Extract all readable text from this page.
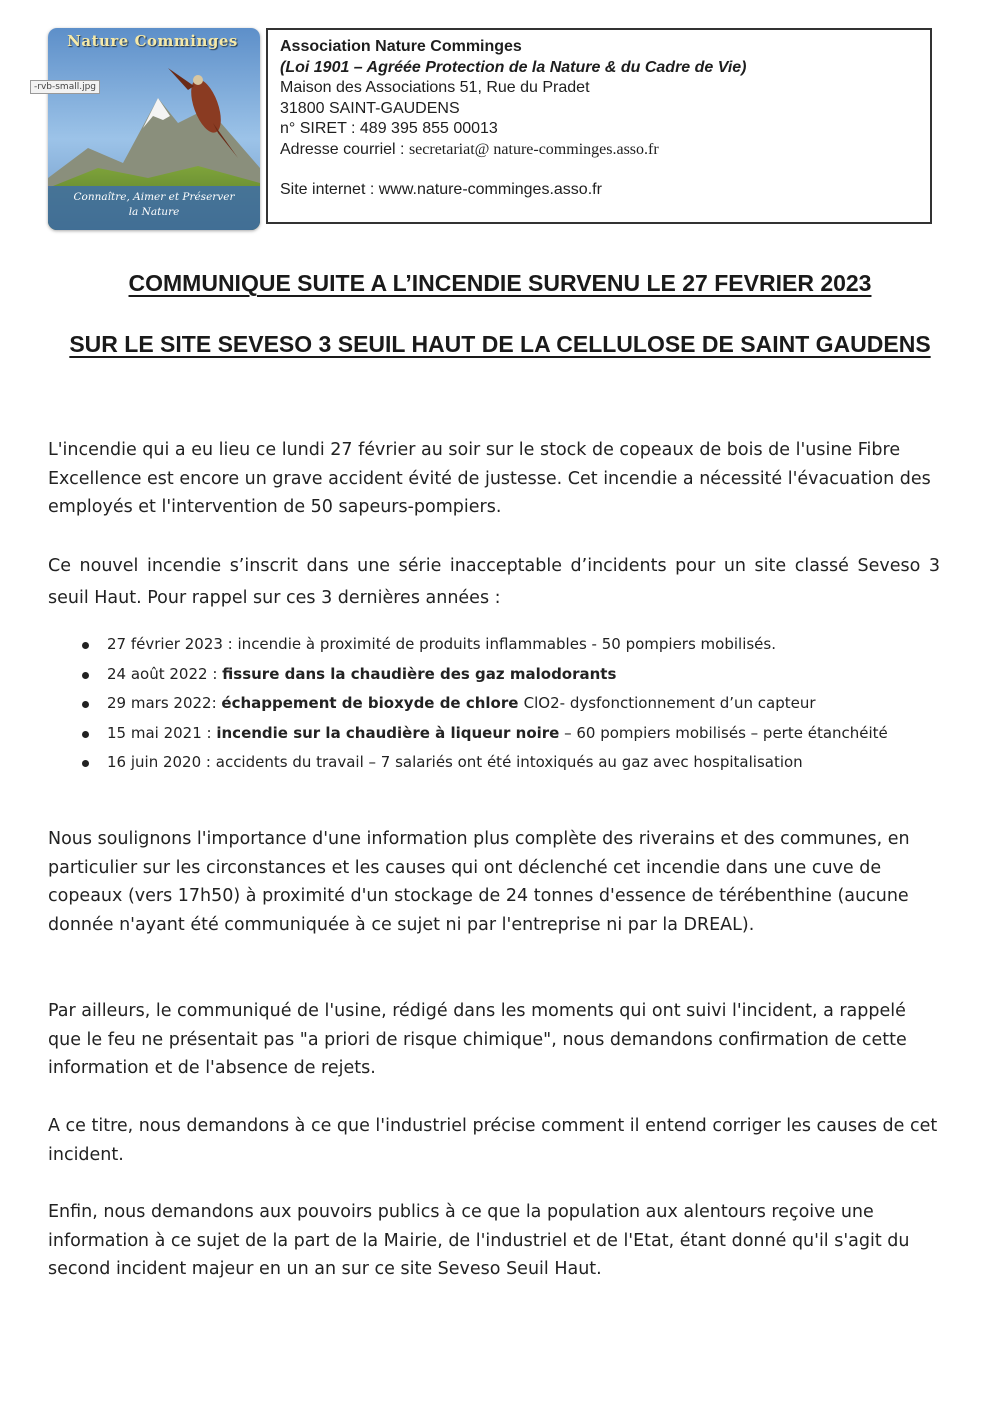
Nature Comminges
Connaître, Aimer et Préserver
la Nature
-rvb-small.jpg
Association Nature Comminges
(Loi 1901 – Agréée Protection de la Nature & du Cadre de Vie)
Maison des Associations 51, Rue du Pradet
31800 SAINT-GAUDENS
n° SIRET : 489 395 855 00013
Adresse courriel : secretariat@ nature-comminges.asso.fr
Site internet : www.nature-comminges.asso.fr
COMMUNIQUE SUITE A L’INCENDIE SURVENU LE 27 FEVRIER 2023
SUR LE SITE SEVESO 3 SEUIL HAUT DE LA CELLULOSE DE SAINT GAUDENS
L'incendie qui a eu lieu ce lundi 27 février au soir sur le stock de copeaux de bois de l'usine Fibre Excellence est encore un grave accident évité de justesse. Cet incendie a nécessité l'évacuation des employés et l'intervention de 50 sapeurs-pompiers.
Ce nouvel incendie s’inscrit dans une série inacceptable d’incidents pour un site classé Seveso 3 seuil Haut. Pour rappel sur ces 3 dernières années :
27 février 2023 : incendie à proximité de produits inflammables - 50 pompiers mobilisés.
24 août 2022 : fissure dans la chaudière des gaz malodorants
29 mars 2022: échappement de bioxyde de chlore ClO2- dysfonctionnement d’un capteur
15 mai 2021 : incendie sur la chaudière à liqueur noire – 60 pompiers mobilisés – perte étanchéité
16 juin 2020 : accidents du travail – 7 salariés ont été intoxiqués au gaz avec hospitalisation
Nous soulignons l'importance d'une information plus complète des riverains et des communes, en particulier sur les circonstances et les causes qui ont déclenché cet incendie dans une cuve de copeaux (vers 17h50) à proximité d'un stockage de 24 tonnes d'essence de térébenthine (aucune donnée n'ayant été communiquée à ce sujet ni par l'entreprise ni par la DREAL).
Par ailleurs, le communiqué de l'usine, rédigé dans les moments qui ont suivi l'incident, a rappelé que le feu ne présentait pas "a priori de risque chimique", nous demandons confirmation de cette information et de l'absence de rejets.
A ce titre, nous demandons à ce que l'industriel précise comment il entend corriger les causes de cet incident.
Enfin, nous demandons aux pouvoirs publics à ce que la population aux alentours reçoive une information à ce sujet de la part de la Mairie, de l'industriel et de l'Etat, étant donné qu'il s'agit du second incident majeur en un an sur ce site Seveso Seuil Haut.
